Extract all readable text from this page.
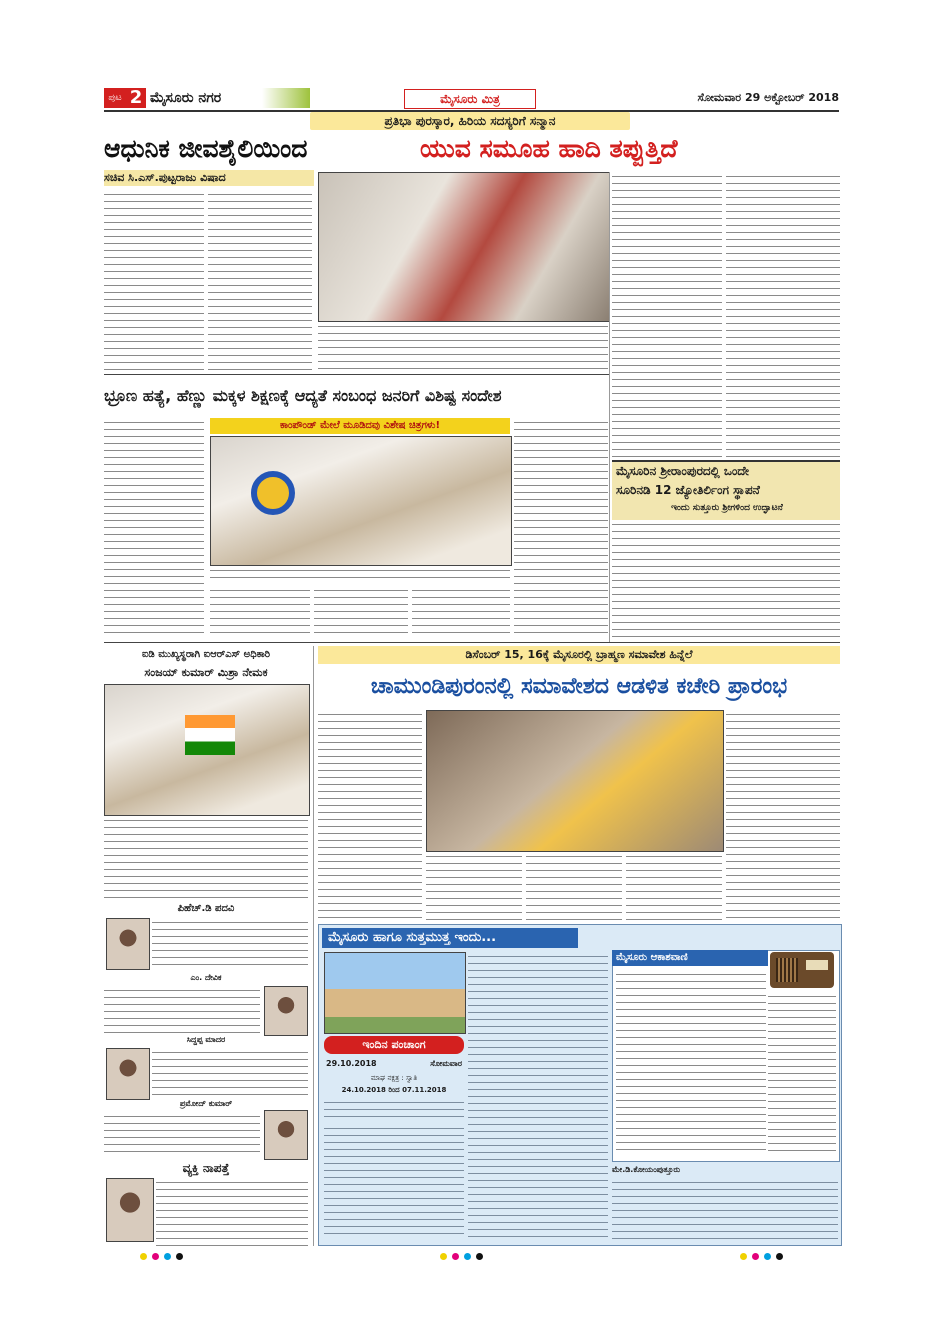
ಪುಟ 2 ಮೈಸೂರು ನಗರ	ಮೈಸೂರು ಮಿತ್ರ	ಸೋಮವಾರ 29 ಅಕ್ಟೋಬರ್ 2018
ಪ್ರತಿಭಾ ಪುರಸ್ಕಾರ, ಹಿರಿಯ ಸದಸ್ಯರಿಗೆ ಸನ್ಮಾನ
ಆಧುನಿಕ ಜೀವಶೈಲಿಯಿಂದ	ಯುವ ಸಮೂಹ ಹಾದಿ ತಪ್ಪುತ್ತಿದೆ
ಸಚಿವ ಸಿ.ಎಸ್.ಪುಟ್ಟರಾಜು ವಿಷಾದ
ಭ್ರೂಣ ಹತ್ಯೆ, ಹೆಣ್ಣು ಮಕ್ಕಳ ಶಿಕ್ಷಣಕ್ಕೆ ಆದ್ಯತೆ ಸಂಬಂಧ ಜನರಿಗೆ ವಿಶಿಷ್ಟ ಸಂದೇಶ
ಕಾಂಪೌಂಡ್ ಮೇಲೆ ಮೂಡಿದವು ವಿಶೇಷ ಚಿತ್ರಗಳು!
ಮೈಸೂರಿನ ಶ್ರೀರಾಂಪುರದಲ್ಲಿ ಒಂದೇ
ಸೂರಿನಡಿ 12 ಜ್ಯೋತಿರ್ಲಿಂಗ ಸ್ಥಾಪನೆ
ಇಂದು ಸುತ್ತೂರು ಶ್ರೀಗಳಿಂದ ಉದ್ಘಾಟನೆ
ಐಡಿ ಮುಖ್ಯಸ್ಥರಾಗಿ ಐಆರ್‌ಎಸ್ ಅಧಿಕಾರಿ
ಸಂಜಯ್ ಕುಮಾರ್ ಮಿಶ್ರಾ ನೇಮಕ
ಪಿಹೆಚ್.ಡಿ ಪದವಿ
ಎಂ. ದೇವಿಕ
ಸಿದ್ದಪ್ಪ ಮಾದರ
ಪ್ರಮೋದ್ ಕುಮಾರ್
ವ್ಯಕ್ತಿ ನಾಪತ್ತೆ
ಡಿಸೆಂಬರ್ 15, 16ಕ್ಕೆ ಮೈಸೂರಲ್ಲಿ ಬ್ರಾಹ್ಮಣ ಸಮಾವೇಶ ಹಿನ್ನೆಲೆ
ಚಾಮುಂಡಿಪುರಂನಲ್ಲಿ ಸಮಾವೇಶದ ಆಡಳಿತ ಕಚೇರಿ ಪ್ರಾರಂಭ
ಮೈಸೂರು ಹಾಗೂ ಸುತ್ತಮುತ್ತ ಇಂದು...
ಇಂದಿನ ಪಂಚಾಂಗ
29.10.2018	ಸೋಮವಾರ
ಮಾಘ ನಕ್ಷತ್ರ : ಸ್ವಾತಿ
24.10.2018 ರಿಂದ 07.11.2018
ಮೈಸೂರು ಆಕಾಶವಾಣಿ
ಮೇ.ಡಿ.ಕೋಯಂಪುತ್ತೂರು
